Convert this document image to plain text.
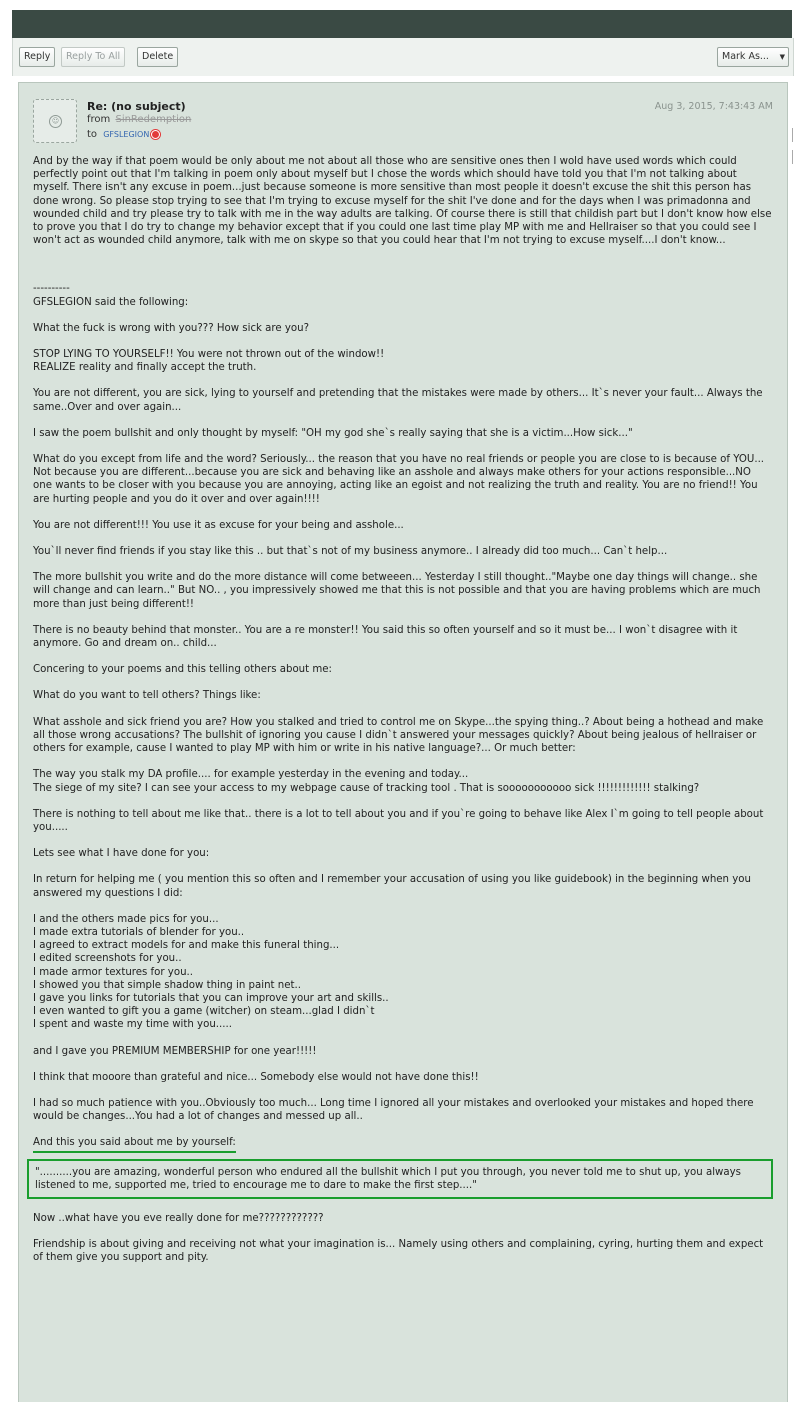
Reply	Reply To All	Delete	Mark As... ▼
☺
Re: (no subject)
from SinRedemption
to GFSLEGION
Aug 3, 2015, 7:43:43 AM

And by the way if that poem would be only about me not about all those who are sensitive ones then I wold have used words which could perfectly point out that I'm talking in poem only about myself but I chose the words which should have told you that I'm not talking about myself. There isn't any excuse in poem...just because someone is more sensitive than most people it doesn't excuse the shit this person has done wrong. So please stop trying to see that I'm trying to excuse myself for the shit I've done and for the days when I was primadonna and wounded child and try please try to talk with me in the way adults are talking. Of course there is still that childish part but I don't know how else to prove you that I do try to change my behavior except that if you could one last time play MP with me and Hellraiser so that you could see I won't act as wounded child anymore, talk with me on skype so that you could hear that I'm not trying to excuse myself....I don't know...

----------

GFSLEGION said the following:

What the fuck is wrong with you??? How sick are you?

STOP LYING TO YOURSELF!! You were not thrown out of the window!!

REALIZE reality and finally accept the truth.

You are not different, you are sick, lying to yourself and pretending that the mistakes were made by others... It`s never your fault... Always the same..Over and over again...

I saw the poem bullshit and only thought by myself: "OH my god she`s really saying that she is a victim...How sick..."

What do you except from life and the word? Seriously... the reason that you have no real friends or people you are close to is because of YOU... Not because you are different...because you are sick and behaving like an asshole and always make others for your actions responsible...NO one wants to be closer with you because you are annoying, acting like an egoist and not realizing the truth and reality. You are no friend!! You are hurting people and you do it over and over again!!!!

You are not different!!! You use it as excuse for your being and asshole...

You`ll never find friends if you stay like this .. but that`s not of my business anymore.. I already did too much... Can`t help...

The more bullshit you write and do the more distance will come betweeen... Yesterday I still thought.."Maybe one day things will change.. she will change and can learn.." But NO.. , you impressively showed me that this is not possible and that you are having problems which are much more than just being different!!

There is no beauty behind that monster.. You are a re monster!! You said this so often yourself and so it must be... I won`t disagree with it anymore. Go and dream on.. child...

Concering to your poems and this telling others about me:

What do you want to tell others? Things like:

What asshole and sick friend you are? How you stalked and tried to control me on Skype...the spying thing..? About being a hothead and make all those wrong accusations? The bullshit of ignoring you cause I didn`t answered your messages quickly? About being jealous of hellraiser or others for example, cause I wanted to play MP with him or write in his native language?... Or much better:

The way you stalk my DA profile.... for example yesterday in the evening and today...

The siege of my site? I can see your access to my webpage cause of tracking tool . That is sooooooooooo sick !!!!!!!!!!!!! stalking?

There is nothing to tell about me like that.. there is a lot to tell about you and if you`re going to behave like Alex I`m going to tell people about you.....

Lets see what I have done for you:

In return for helping me ( you mention this so often and I remember your accusation of using you like guidebook) in the beginning when you answered my questions I did:

I and the others made pics for you...
I made extra tutorials of blender for you..
I agreed to extract models for and make this funeral thing...
I edited screenshots for you..
I made armor textures for you..
I showed you that simple shadow thing in paint net..
I gave you links for tutorials that you can improve your art and skills..
I even wanted to gift you a game (witcher) on steam...glad I didn`t
I spent and waste my time with you.....

and I gave you PREMIUM MEMBERSHIP for one year!!!!!

I think that mooore than grateful and nice... Somebody else would not have done this!!

I had so much patience with you..Obviously too much... Long time I ignored all your mistakes and overlooked your mistakes and hoped there would be changes...You had a lot of changes and messed up all..

And this you said about me by yourself:

"..........you are amazing, wonderful person who endured all the bullshit which I put you through, you never told me to shut up, you always listened to me, supported me, tried to encourage me to dare to make the first step...."

Now ..what have you eve really done for me????????????

Friendship is about giving and receiving not what your imagination is... Namely using others and complaining, cyring, hurting them and expect of them give you support and pity.
